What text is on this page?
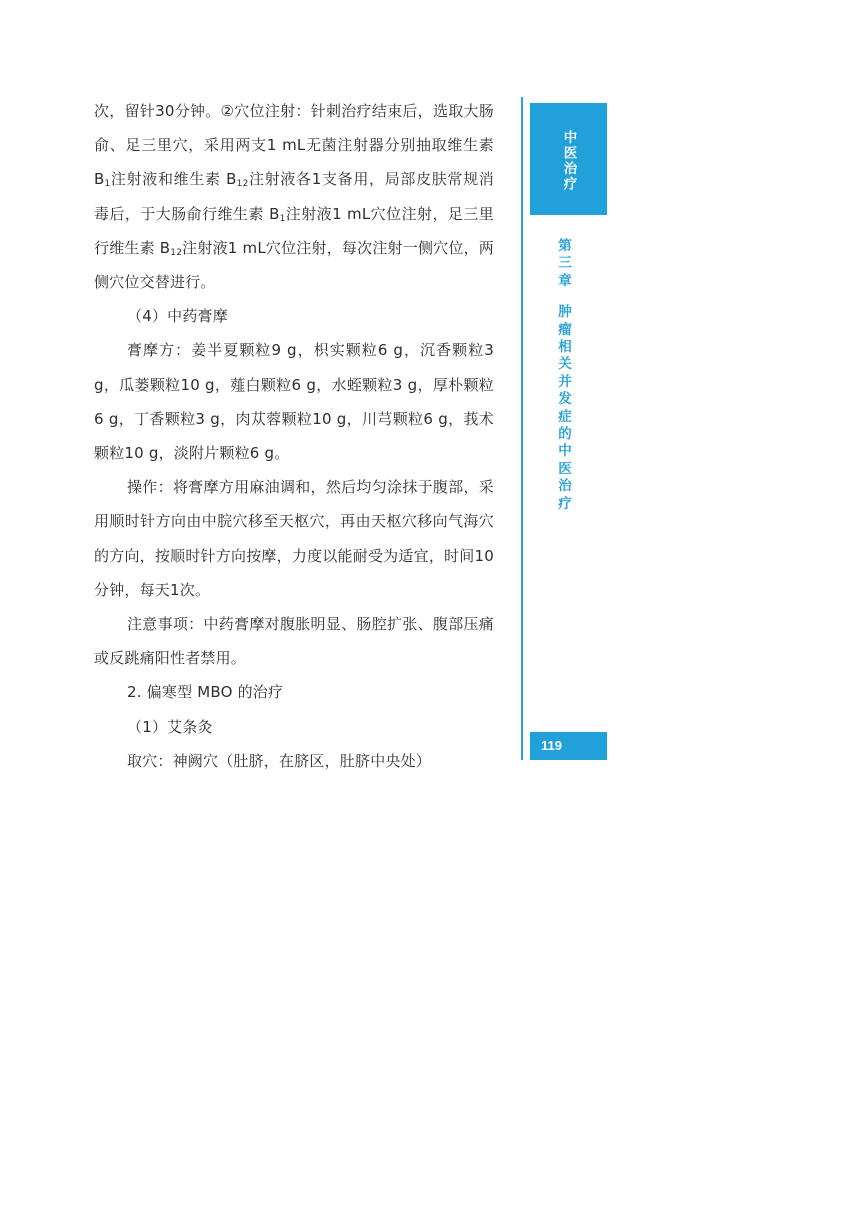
次，留针30分钟。②穴位注射：针刺治疗结束后，选取大肠俞、足三里穴，采用两支1 mL无菌注射器分别抽取维生素 $B_1$注射液和维生素 $B_{12}$注射液各1支备用，局部皮肤常规消毒后，于大肠俞行维生素 $B_1$注射液1 mL穴位注射，足三里行维生素 $B_{12}$注射液1 mL穴位注射，每次注射一侧穴位，两侧穴位交替进行。

（4）中药膏摩

膏摩方：姜半夏颗粒9 g，枳实颗粒6 g，沉香颗粒3 g，瓜蒌颗粒10 g，薤白颗粒6 g，水蛭颗粒3 g，厚朴颗粒6 g，丁香颗粒3 g，肉苁蓉颗粒10 g，川芎颗粒6 g，莪术颗粒10 g，淡附片颗粒6 g。

操作：将膏摩方用麻油调和，然后均匀涂抹于腹部，采用顺时针方向由中脘穴移至天枢穴，再由天枢穴移向气海穴的方向，按顺时针方向按摩，力度以能耐受为适宜，时间10分钟，每天1次。

注意事项：中药膏摩对腹胀明显、肠腔扩张、腹部压痛或反跳痛阳性者禁用。

2. 偏寒型 MBO 的治疗

（1）艾条灸

取穴：神阙穴（肚脐，在脐区，肚脐中央处）

中医治疗
第
三
章
肿
瘤
相
关
并
发
症
的
中
医
治
疗
119
